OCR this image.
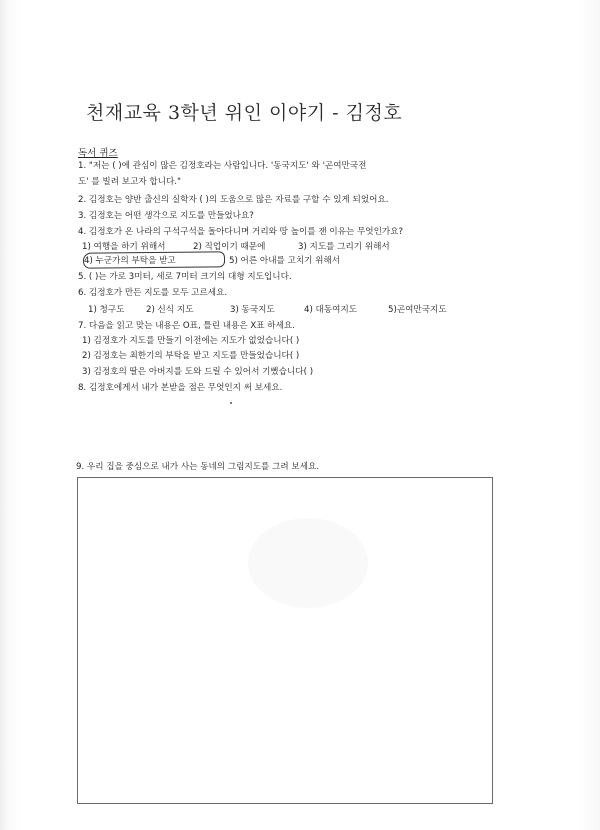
천재교육 3학년 위인 이야기 - 김정호
독서 퀴즈
1. "저는 ( )에 관심이 많은 김정호라는 사람입니다. '동국지도' 와 '곤여만국전
도' 를 빌려 보고자 합니다."
2. 김정호는 양반 출신의 실학자 ( )의 도움으로 많은 자료를 구할 수 있게 되었어요.
3. 김정호는 어떤 생각으로 지도를 만들었나요?
4. 김정호가 온 나라의 구석구석을 돌아다니며 거리와 땅 높이를 잰 이유는 무엇인가요?
1) 여행을 하기 위해서	2) 직업이기 때문에	3) 지도를 그리기 위해서
4) 누군가의 부탁을 받고	5) 어른 아내를 고치기 위해서
5. ( )는 가로 3미터, 세로 7미터 크기의 대형 지도입니다.
6. 김정호가 만든 지도를 모두 고르세요.
1) 청구도	2) 신식 지도	3) 동국지도	4) 대동여지도	5)곤여만국지도
7. 다음을 읽고 맞는 내용은 O표, 틀린 내용은 X표 하세요.
1) 김정호가 지도를 만들기 이전에는 지도가 없었습니다( )
2) 김정호는 최한기의 부탁을 받고 지도를 만들었습니다( )
3) 김정호의 딸은 아버지를 도와 드릴 수 있어서 기뻤습니다( )
8. 김정호에게서 내가 본받을 점은 무엇인지 써 보세요.
9. 우리 집을 중심으로 내가 사는 동네의 그림지도를 그려 보세요.
